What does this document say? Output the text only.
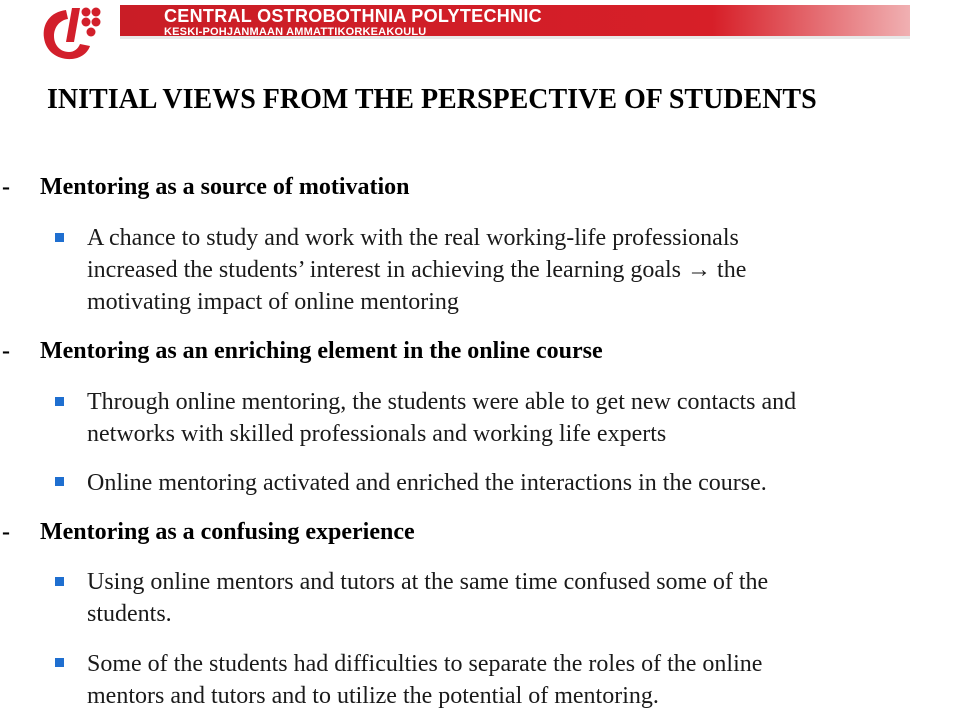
CENTRAL OSTROBOTHNIA POLYTECHNIC
KESKI-POHJANMAAN AMMATTIKORKEAKOULU
INITIAL VIEWS FROM THE PERSPECTIVE OF STUDENTS
- Mentoring as a source of motivation
A chance to study and work with the real working-life professionals
increased the students’ interest in achieving the learning goals → the
motivating impact of online mentoring
- Mentoring as an enriching element in the online course
Through online mentoring, the students were able to get new contacts and
networks with skilled professionals and working life experts
Online mentoring activated and enriched the interactions in the course.
- Mentoring as a confusing experience
Using online mentors and tutors at the same time confused some of the
students.
Some of the students had difficulties to separate the roles of the online
mentors and tutors and to utilize the potential of mentoring.
